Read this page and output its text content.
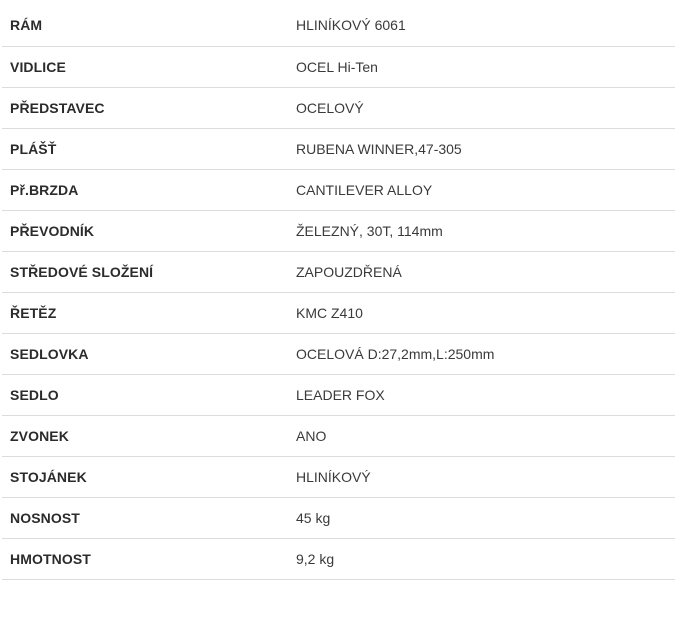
RÁM	HLINÍKOVÝ 6061
VIDLICE	OCEL Hi-Ten
PŘEDSTAVEC	OCELOVÝ
PLÁŠŤ	RUBENA WINNER,47-305
Př.BRZDA	CANTILEVER ALLOY
PŘEVODNÍK	ŽELEZNÝ, 30T, 114mm
STŘEDOVÉ SLOŽENÍ	ZAPOUZDŘENÁ
ŘETĚZ	KMC Z410
SEDLOVKA	OCELOVÁ D:27,2mm,L:250mm
SEDLO	LEADER FOX
ZVONEK	ANO
STOJÁNEK	HLINÍKOVÝ
NOSNOST	45 kg
HMOTNOST	9,2 kg
